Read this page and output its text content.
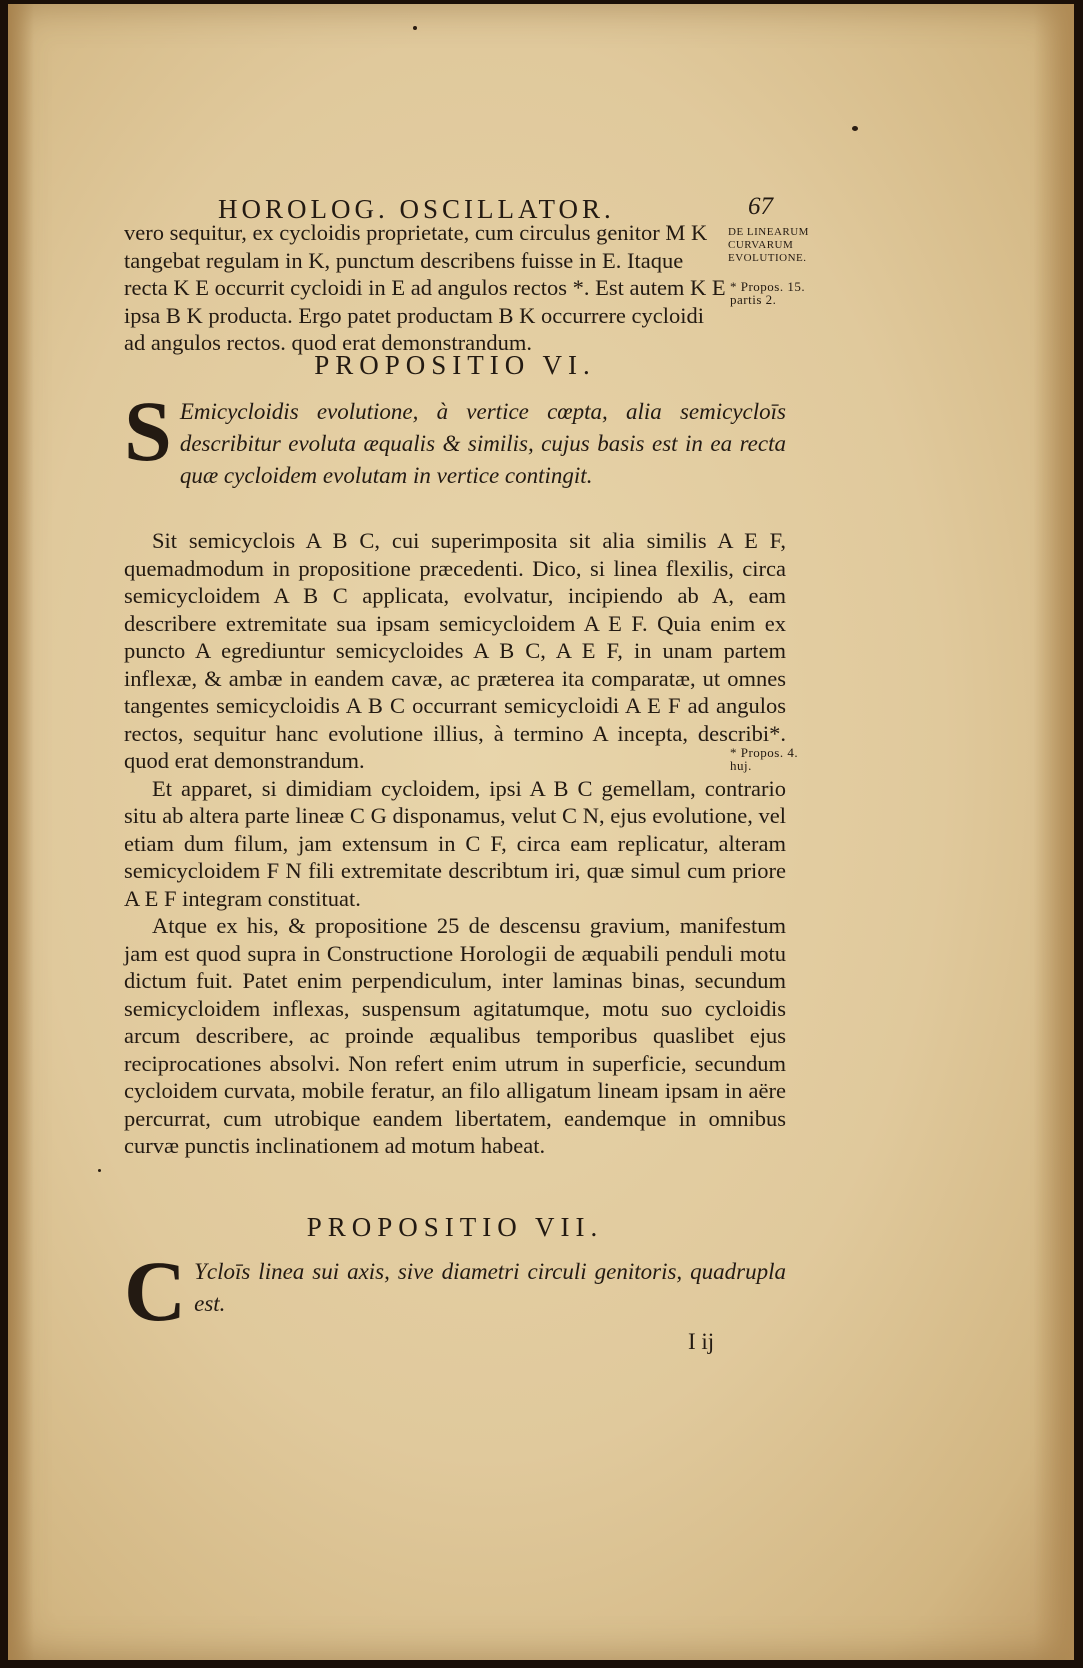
HOROLOG. OSCILLATOR.	67

vero sequitur, ex cycloidis proprietate, cum circulus genitor M K

tangebat regulam in K, punctum describens fuisse in E. Itaque

recta K E occurrit cycloidi in E ad angulos rectos *. Est autem K E

ipsa B K producta. Ergo patet productam B K occurrere cycloidi

ad angulos rectos. quod erat demonstrandum.

DE LINEARUM
CURVARUM
EVOLUTIONE.
* Propos. 15.
partis 2.
PROPOSITIO VI.
S Emicycloidis evolutione, à vertice cœpta, alia semicycloīs describitur evoluta æqualis & similis, cujus basis est in ea recta quæ cycloidem evolutam in vertice contingit.

Sit semicyclois A B C, cui superimposita sit alia similis A E F, quemadmodum in propositione præcedenti. Dico, si linea flexilis, circa semicycloidem A B C applicata, evolvatur, incipiendo ab A, eam describere extremitate sua ipsam semicycloidem A E F. Quia enim ex puncto A egrediuntur semicycloides A B C, A E F, in unam partem inflexæ, & ambæ in eandem cavæ, ac præterea ita comparatæ, ut omnes tangentes semicycloidis A B C occurrant semicycloidi A E F ad angulos rectos, sequitur hanc evolutione illius, à termino A incepta, describi*. quod erat demonstrandum.

Et apparet, si dimidiam cycloidem, ipsi A B C gemellam, contrario situ ab altera parte lineæ C G disponamus, velut C N, ejus evolutione, vel etiam dum filum, jam extensum in C F, circa eam replicatur, alteram semicycloidem F N fili extremitate describtum iri, quæ simul cum priore A E F integram constituat.

Atque ex his, & propositione 25 de descensu gravium, manifestum jam est quod supra in Constructione Horologii de æquabili penduli motu dictum fuit. Patet enim perpendiculum, inter laminas binas, secundum semicycloidem inflexas, suspensum agitatumque, motu suo cycloidis arcum describere, ac proinde æqualibus temporibus quaslibet ejus reciprocationes absolvi. Non refert enim utrum in superficie, secundum cycloidem curvata, mobile feratur, an filo alligatum lineam ipsam in aëre percurrat, cum utrobique eandem libertatem, eandemque in omnibus curvæ punctis inclinationem ad motum habeat.

* Propos. 4.
huj.
PROPOSITIO VII.
C Ycloīs linea sui axis, sive diametri circuli genitoris, quadrupla est.
I ij
